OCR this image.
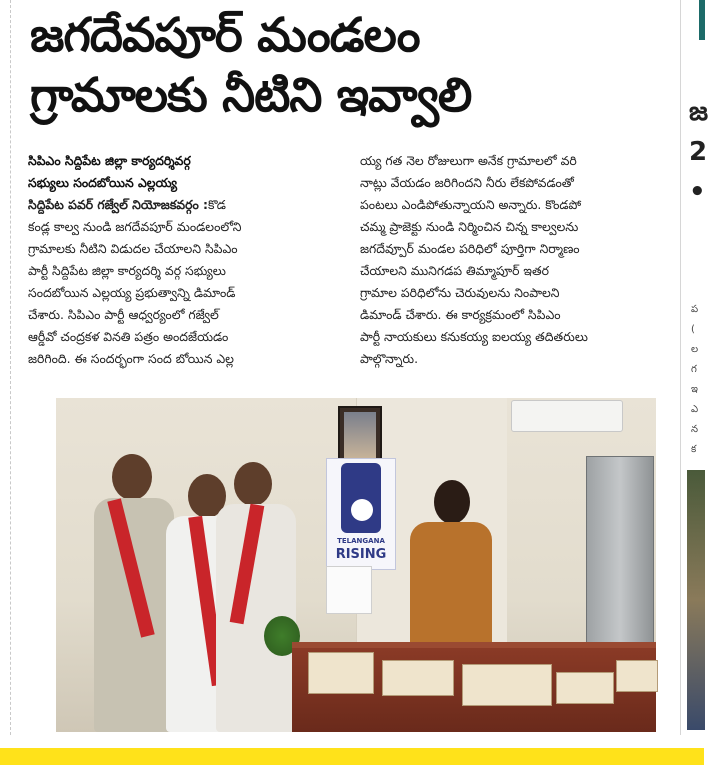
జగదేవపూర్ మండలం
గ్రామాలకు నీటిని ఇవ్వాలి
సిపిఎం సిద్దిపేట జిల్లా కార్యదర్శివర్గ
సభ్యులు సందబోయిన ఎల్లయ్య
సిద్దిపేట పవర్ గజ్వేల్ నియోజకవర్గం :కొడ
కండ్ల కాల్వ నుండి జగదేవపూర్ మండలంలోని
గ్రామాలకు నీటిని విడుదల చేయాలని సిపిఎం
పార్టీ సిద్దిపేట జిల్లా కార్యదర్శి వర్గ సభ్యులు
సందబోయిన ఎల్లయ్య ప్రభుత్వాన్ని డిమాండ్
చేశారు. సిపిఎం పార్టీ ఆధ్వర్యంలో గజ్వేల్
ఆర్డీవో చంద్రకళ వినతి పత్రం అందజేయడం
జరిగింది. ఈ సందర్భంగా సంద బోయిన ఎల్ల
య్య గత నెల రోజులుగా అనేక గ్రామాలలో వరి
నాట్లు వేయడం జరిగిందని నీరు లేకపోవడంతో
పంటలు ఎండిపోతున్నాయని అన్నారు. కొండపో
చమ్మ ప్రాజెక్టు నుండి నిర్మించిన చిన్న కాల్వలను
జగదేవ్పూర్ మండల పరిధిలో పూర్తిగా నిర్మాణం
చేయాలని మునిగడప తిమ్మాపూర్ ఇతర
గ్రామాల పరిధిలోను చెరువులను నింపాలని
డిమాండ్ చేశారు. ఈ కార్యక్రమంలో సిపిఎం
పార్టీ నాయకులు కనుకయ్య ఐలయ్య తదితరులు
పాల్గొన్నారు.
TELANGANA
RISING
జ
2
•
ప
(
ల
గ
ఇ
ఎ
న
క
